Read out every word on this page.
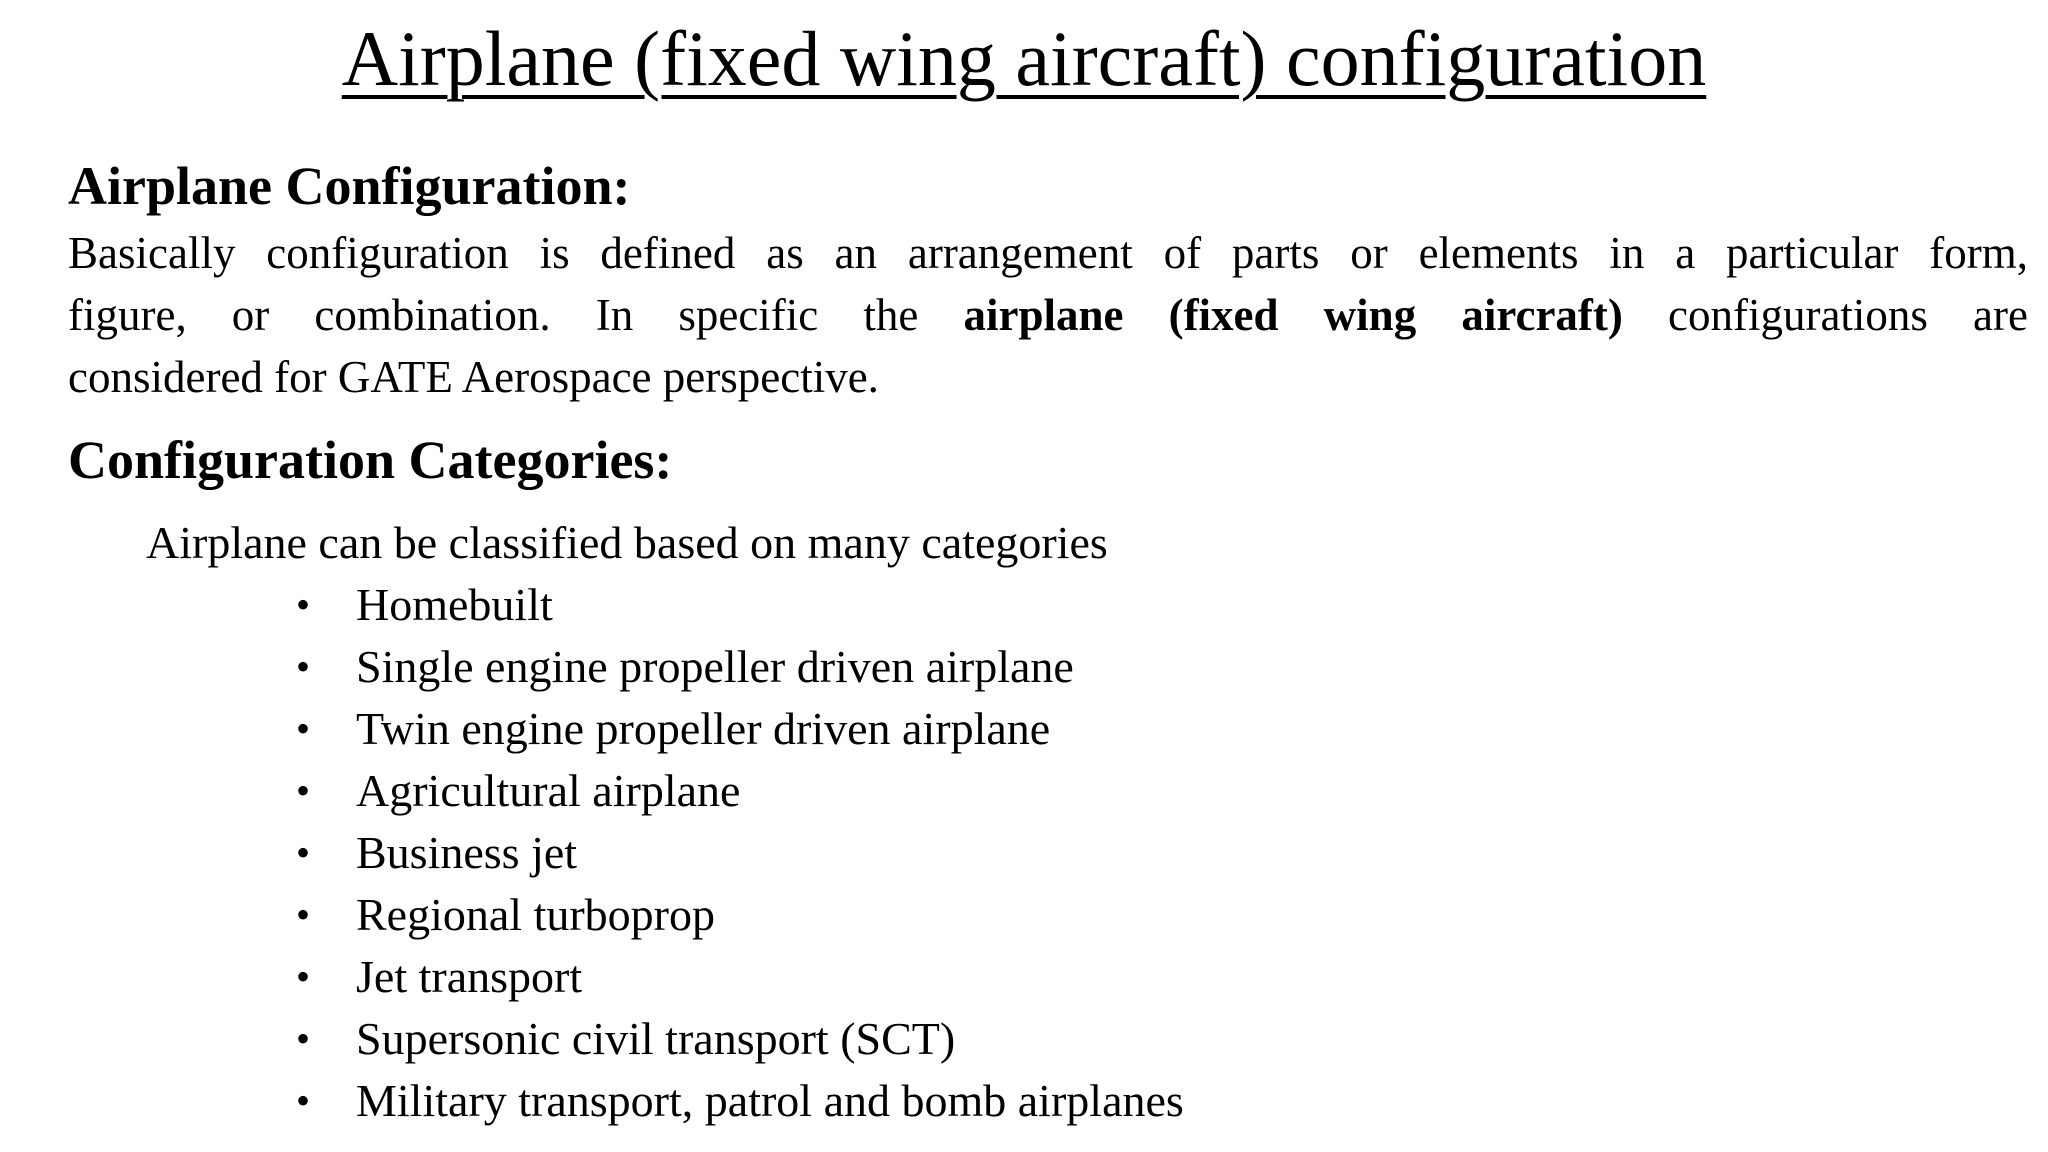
Airplane (fixed wing aircraft) configuration
Airplane Configuration:

Basically configuration is defined as an arrangement of parts or elements in a particular form,
figure, or combination. In specific the airplane (fixed wing aircraft) configurations are
considered for GATE Aerospace perspective.

Configuration Categories:

Airplane can be classified based on many categories

• Homebuilt
• Single engine propeller driven airplane
• Twin engine propeller driven airplane
• Agricultural airplane
• Business jet
• Regional turboprop
• Jet transport
• Supersonic civil transport (SCT)
• Military transport, patrol and bomb airplanes
